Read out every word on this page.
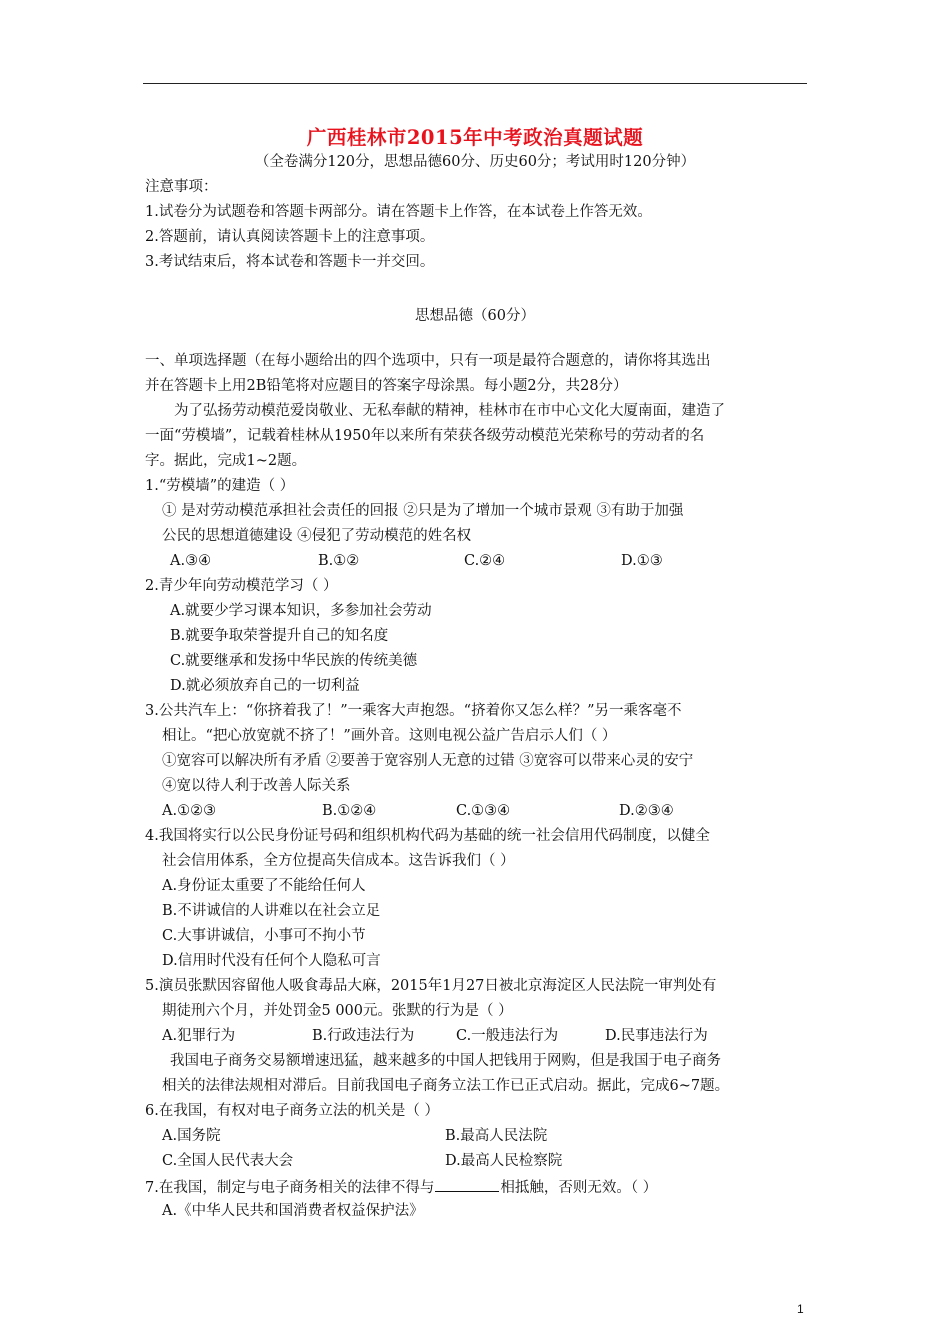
广西桂林市2015年中考政治真题试题
（全卷满分120分，思想品德60分、历史60分；考试用时120分钟）
注意事项：
1.试卷分为试题卷和答题卡两部分。请在答题卡上作答，在本试卷上作答无效。
2.答题前，请认真阅读答题卡上的注意事项。
3.考试结束后，将本试卷和答题卡一并交回。
思想品德（60分）
一、单项选择题（在每小题给出的四个选项中，只有一项是最符合题意的，请你将其选出
并在答题卡上用2B铅笔将对应题目的答案字母涂黑。每小题2分，共28分）
为了弘扬劳动模范爱岗敬业、无私奉献的精神，桂林市在市中心文化大厦南面，建造了
一面“劳模墙”，记载着桂林从1950年以来所有荣获各级劳动模范光荣称号的劳动者的名
字。据此，完成1~2题。
1.“劳模墙”的建造（ ）
① 是对劳动模范承担社会责任的回报 ②只是为了增加一个城市景观 ③有助于加强
公民的思想道德建设 ④侵犯了劳动模范的姓名权
A.③④	B.①②	C.②④	D.①③
2.青少年向劳动模范学习（ ）
A.就要少学习课本知识，多参加社会劳动
B.就要争取荣誉提升自己的知名度
C.就要继承和发扬中华民族的传统美德
D.就必须放弃自己的一切利益
3.公共汽车上：“你挤着我了！”一乘客大声抱怨。“挤着你又怎么样？”另一乘客毫不
相让。“把心放宽就不挤了！”画外音。这则电视公益广告启示人们（ ）
①宽容可以解决所有矛盾 ②要善于宽容别人无意的过错 ③宽容可以带来心灵的安宁
④宽以待人利于改善人际关系
A.①②③	B.①②④	C.①③④	D.②③④
4.我国将实行以公民身份证号码和组织机构代码为基础的统一社会信用代码制度，以健全
社会信用体系，全方位提高失信成本。这告诉我们（ ）
A.身份证太重要了不能给任何人
B.不讲诚信的人讲难以在社会立足
C.大事讲诚信，小事可不拘小节
D.信用时代没有任何个人隐私可言
5.演员张默因容留他人吸食毒品大麻，2015年1月27日被北京海淀区人民法院一审判处有
期徒刑六个月，并处罚金5 000元。张默的行为是（ ）
A.犯罪行为	B.行政违法行为	C.一般违法行为	D.民事违法行为
我国电子商务交易额增速迅猛，越来越多的中国人把钱用于网购，但是我国于电子商务
相关的法律法规相对滞后。目前我国电子商务立法工作已正式启动。据此，完成6~7题。
6.在我国，有权对电子商务立法的机关是（ ）
A.国务院	B.最高人民法院
C.全国人民代表大会	D.最高人民检察院
7.在我国，制定与电子商务相关的法律不得与	相抵触，否则无效。（ ）
A.《中华人民共和国消费者权益保护法》
1
